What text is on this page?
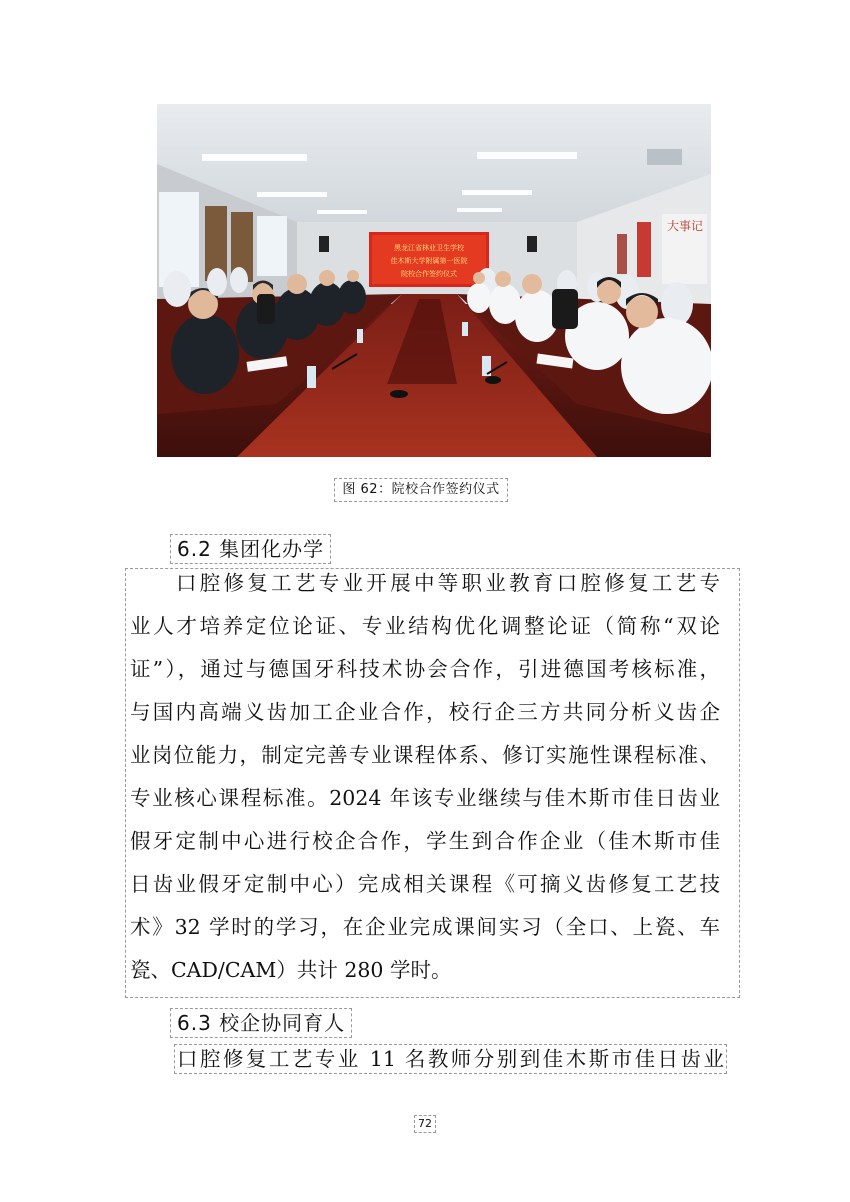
大事记
黑龙江省林业卫生学校
佳木斯大学附属第一医院
院校合作签约仪式
图 62：院校合作签约仪式
6.2 集团化办学
口腔修复工艺专业开展中等职业教育口腔修复工艺专
业人才培养定位论证、专业结构优化调整论证（简称“双论
证”），通过与德国牙科技术协会合作，引进德国考核标准，
与国内高端义齿加工企业合作，校行企三方共同分析义齿企
业岗位能力，制定完善专业课程体系、修订实施性课程标准、
专业核心课程标准。2024 年该专业继续与佳木斯市佳日齿业
假牙定制中心进行校企合作，学生到合作企业（佳木斯市佳
日齿业假牙定制中心）完成相关课程《可摘义齿修复工艺技
术》32 学时的学习，在企业完成课间实习（全口、上瓷、车
瓷、CAD/CAM）共计 280 学时。
6.3 校企协同育人
口腔修复工艺专业 11 名教师分别到佳木斯市佳日齿业
72
